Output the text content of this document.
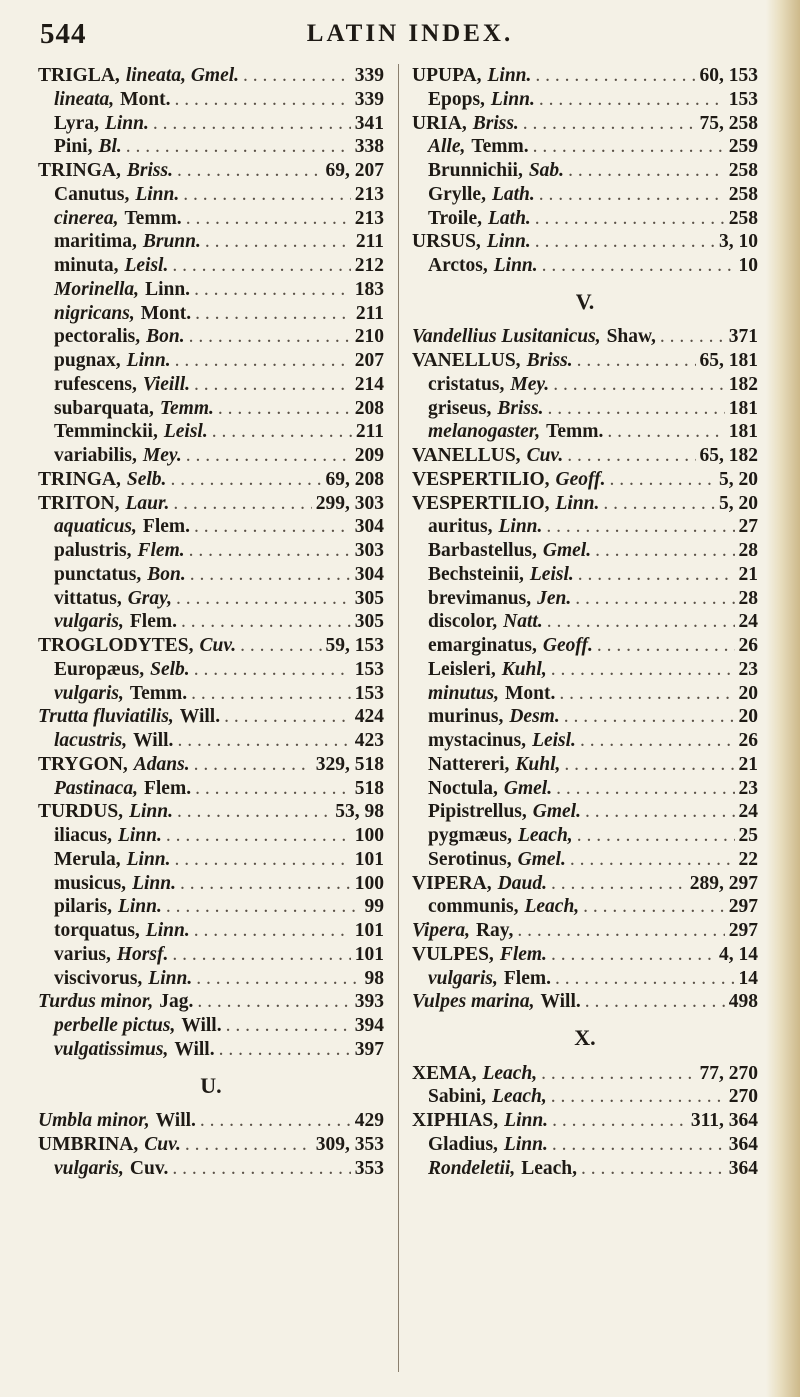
544	LATIN INDEX.
TRIGLA, lineata, Gmel. . . .	339
lineata, Mont. . . .	339
Lyra, Linn. . . .	341
Pini, Bl. . . .	338
TRINGA, Briss. . . .	69, 207
Canutus, Linn. . . .	213
cinerea, Temm. . . .	213
maritima, Brunn. . . .	211
minuta, Leisl. . . .	212
Morinella, Linn. . . .	183
nigricans, Mont. . . .	211
pectoralis, Bon. . . .	210
pugnax, Linn. . . .	207
rufescens, Vieill. . . .	214
subarquata, Temm. . . .	208
Temminckii, Leisl. . . .	211
variabilis, Mey. . . .	209
TRINGA, Selb. . . .	69, 208
TRITON, Laur. . . .	299, 303
aquaticus, Flem. . . .	304
palustris, Flem. . . .	303
punctatus, Bon. . . .	304
vittatus, Gray, . . .	305
vulgaris, Flem. . . .	305
TROGLODYTES, Cuv. . . .	59, 153
Europæus, Selb. . . .	153
vulgaris, Temm. . . .	153
Trutta fluviatilis, Will. . . .	424
lacustris, Will. . . .	423
TRYGON, Adans. . . .	329, 518
Pastinaca, Flem. . . .	518
TURDUS, Linn. . . .	53, 98
iliacus, Linn. . . .	100
Merula, Linn. . . .	101
musicus, Linn. . . .	100
pilaris, Linn. . . .	99
torquatus, Linn. . . .	101
varius, Horsf. . . .	101
viscivorus, Linn. . . .	98
Turdus minor, Jag. . . .	393
perbelle pictus, Will. . . .	394
vulgatissimus, Will. . . .	397
U.
Umbla minor, Will. . . .	429
UMBRINA, Cuv. . . .	309, 353
vulgaris, Cuv. . . .	353
UPUPA, Linn. . . .	60, 153
Epops, Linn. . . .	153
URIA, Briss. . . .	75, 258
Alle, Temm. . . .	259
Brunnichii, Sab. . . .	258
Grylle, Lath. . . .	258
Troile, Lath. . . .	258
URSUS, Linn. . . .	3, 10
Arctos, Linn. . . .	10
V.
Vandellius Lusitanicus, Shaw, . . .	371
VANELLUS, Briss. . . .	65, 181
cristatus, Mey. . . .	182
griseus, Briss. . . .	181
melanogaster, Temm. . . .	181
VANELLUS, Cuv. . . .	65, 182
VESPERTILIO, Geoff. . . .	5, 20
VESPERTILIO, Linn. . . .	5, 20
auritus, Linn. . . .	27
Barbastellus, Gmel. . . .	28
Bechsteinii, Leisl. . . .	21
brevimanus, Jen. . . .	28
discolor, Natt. . . .	24
emarginatus, Geoff. . . .	26
Leisleri, Kuhl, . . .	23
minutus, Mont. . . .	20
murinus, Desm. . . .	20
mystacinus, Leisl. . . .	26
Nattereri, Kuhl, . . .	21
Noctula, Gmel. . . .	23
Pipistrellus, Gmel. . . .	24
pygmæus, Leach, . . .	25
Serotinus, Gmel. . . .	22
VIPERA, Daud. . . .	289, 297
communis, Leach, . . .	297
Vipera, Ray, . . .	297
VULPES, Flem. . . .	4, 14
vulgaris, Flem. . . .	14
Vulpes marina, Will. . . .	498
X.
XEMA, Leach, . . .	77, 270
Sabini, Leach, . . .	270
XIPHIAS, Linn. . . .	311, 364
Gladius, Linn. . . .	364
Rondeletii, Leach, . . .	364
